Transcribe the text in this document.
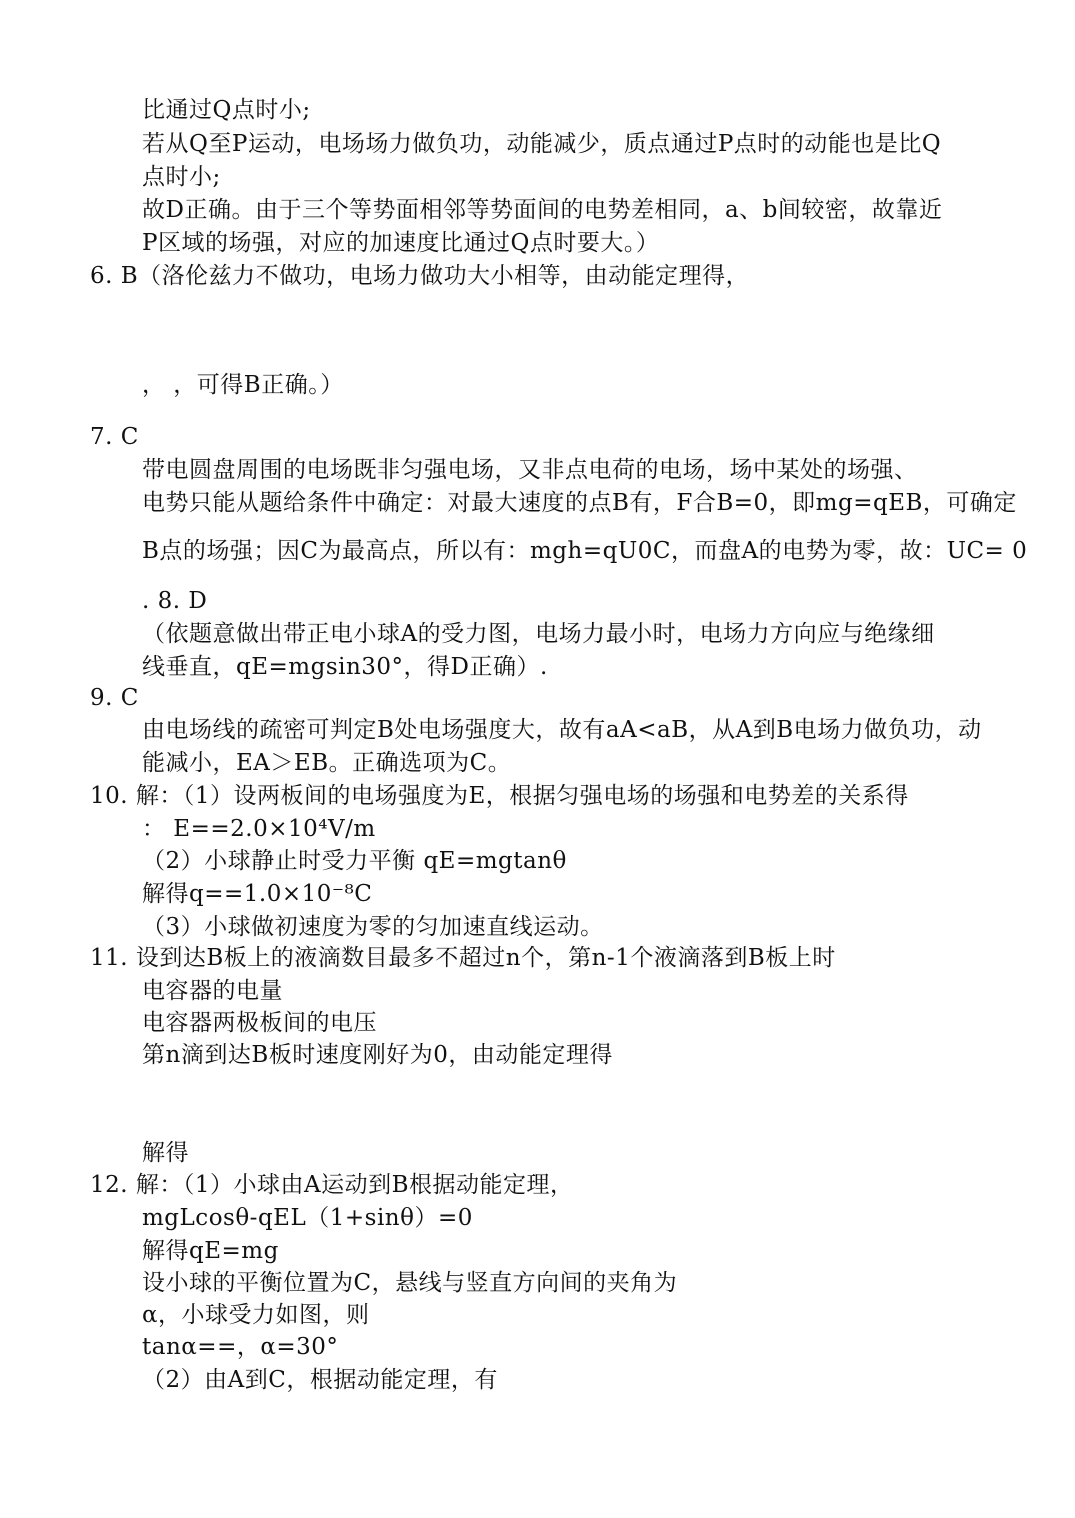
比通过Q点时小;
若从Q至P运动，电场场力做负功，动能减少，质点通过P点时的动能也是比Q
点时小;
故D正确。由于三个等势面相邻等势面间的电势差相同，a、b间较密，故靠近
P区域的场强，对应的加速度比通过Q点时要大。）
6. B（洛伦兹力不做功，电场力做功大小相等，由动能定理得，
， ，可得B正确。）
7. C
带电圆盘周围的电场既非匀强电场，又非点电荷的电场，场中某处的场强、
电势只能从题给条件中确定：对最大速度的点B有，F合B=0，即mg=qEB，可确定
B点的场强；因C为最高点，所以有：mgh=qU0C，而盘A的电势为零，故：UC= 0
. 8. D
（依题意做出带正电小球A的受力图，电场力最小时，电场力方向应与绝缘细
线垂直，qE=mgsin30°，得D正确）.
9. C
由电场线的疏密可判定B处电场强度大，故有aA<aB，从A到B电场力做负功，动
能减小，EA＞EB。正确选项为C。
10. 解：（1）设两板间的电场强度为E，根据匀强电场的场强和电势差的关系得
： E==2.0×10⁴V/m
（2）小球静止时受力平衡 qE=mgtanθ
解得q==1.0×10⁻⁸C
（3）小球做初速度为零的匀加速直线运动。
11. 设到达B板上的液滴数目最多不超过n个，第n-1个液滴落到B板上时
电容器的电量
电容器两极板间的电压
第n滴到达B板时速度刚好为0，由动能定理得
解得
12. 解：（1）小球由A运动到B根据动能定理，
mgLcosθ-qEL（1+sinθ）=0
解得qE=mg
设小球的平衡位置为C，悬线与竖直方向间的夹角为
α，小球受力如图，则
tanα==，α=30°
（2）由A到C，根据动能定理，有
